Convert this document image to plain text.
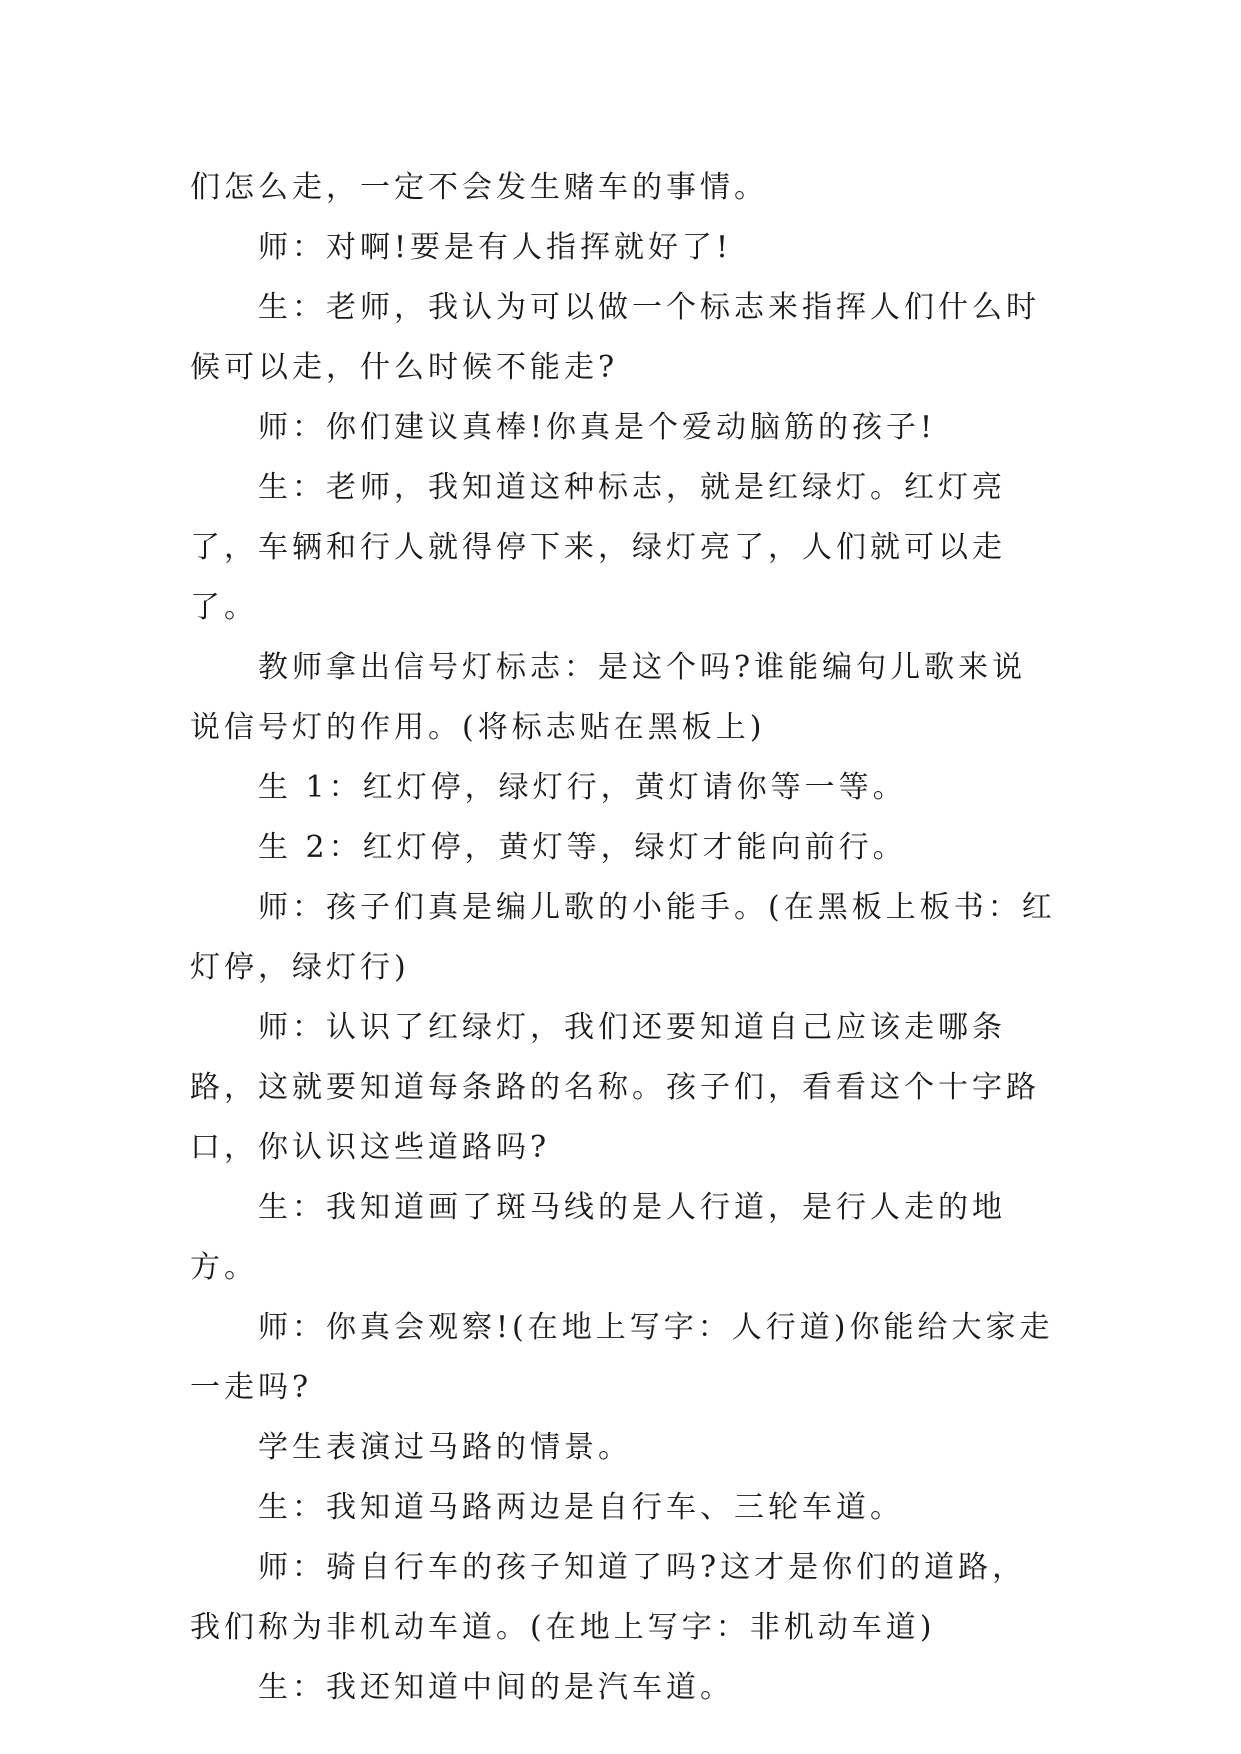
们怎么走，一定不会发生赌车的事情。

师：对啊!要是有人指挥就好了!

生：老师，我认为可以做一个标志来指挥人们什么时候可以走，什么时候不能走?

师：你们建议真棒!你真是个爱动脑筋的孩子!

生：老师，我知道这种标志，就是红绿灯。红灯亮了，车辆和行人就得停下来，绿灯亮了，人们就可以走了。

教师拿出信号灯标志：是这个吗?谁能编句儿歌来说说信号灯的作用。(将标志贴在黑板上)

生 1：红灯停，绿灯行，黄灯请你等一等。

生 2：红灯停，黄灯等，绿灯才能向前行。

师：孩子们真是编儿歌的小能手。(在黑板上板书：红灯停，绿灯行)

师：认识了红绿灯，我们还要知道自己应该走哪条路，这就要知道每条路的名称。孩子们，看看这个十字路口，你认识这些道路吗?

生：我知道画了斑马线的是人行道，是行人走的地方。

师：你真会观察!(在地上写字：人行道)你能给大家走一走吗?

学生表演过马路的情景。

生：我知道马路两边是自行车、三轮车道。

师：骑自行车的孩子知道了吗?这才是你们的道路，我们称为非机动车道。(在地上写字：非机动车道)

生：我还知道中间的是汽车道。
